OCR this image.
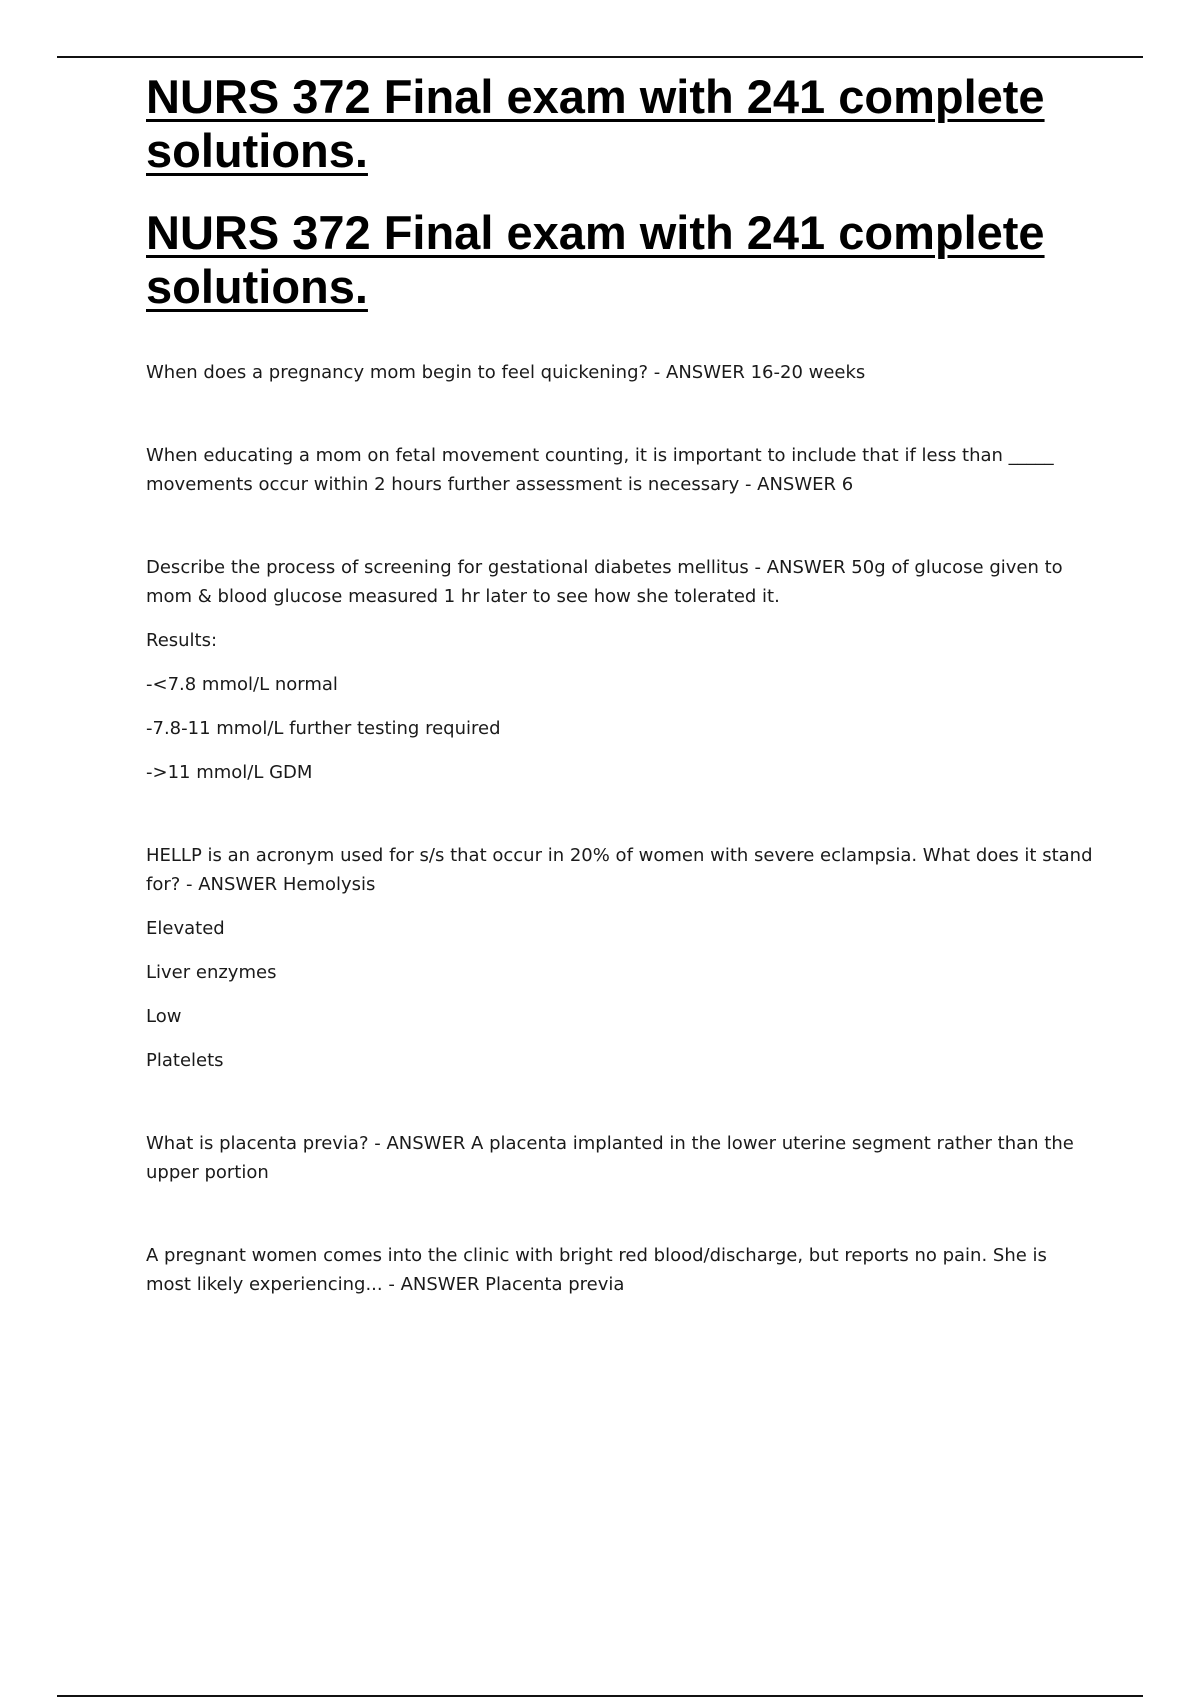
NURS 372 Final exam with 241 complete solutions.
NURS 372 Final exam with 241 complete solutions.

When does a pregnancy mom begin to feel quickening? - ANSWER 16-20 weeks

When educating a mom on fetal movement counting, it is important to include that if less than _____ movements occur within 2 hours further assessment is necessary - ANSWER 6

Describe the process of screening for gestational diabetes mellitus - ANSWER 50g of glucose given to mom & blood glucose measured 1 hr later to see how she tolerated it.

Results:

-<7.8 mmol/L normal

-7.8-11 mmol/L further testing required

->11 mmol/L GDM

HELLP is an acronym used for s/s that occur in 20% of women with severe eclampsia. What does it stand for? - ANSWER Hemolysis

Elevated

Liver enzymes

Low

Platelets

What is placenta previa? - ANSWER A placenta implanted in the lower uterine segment rather than the upper portion

A pregnant women comes into the clinic with bright red blood/discharge, but reports no pain. She is most likely experiencing... - ANSWER Placenta previa
